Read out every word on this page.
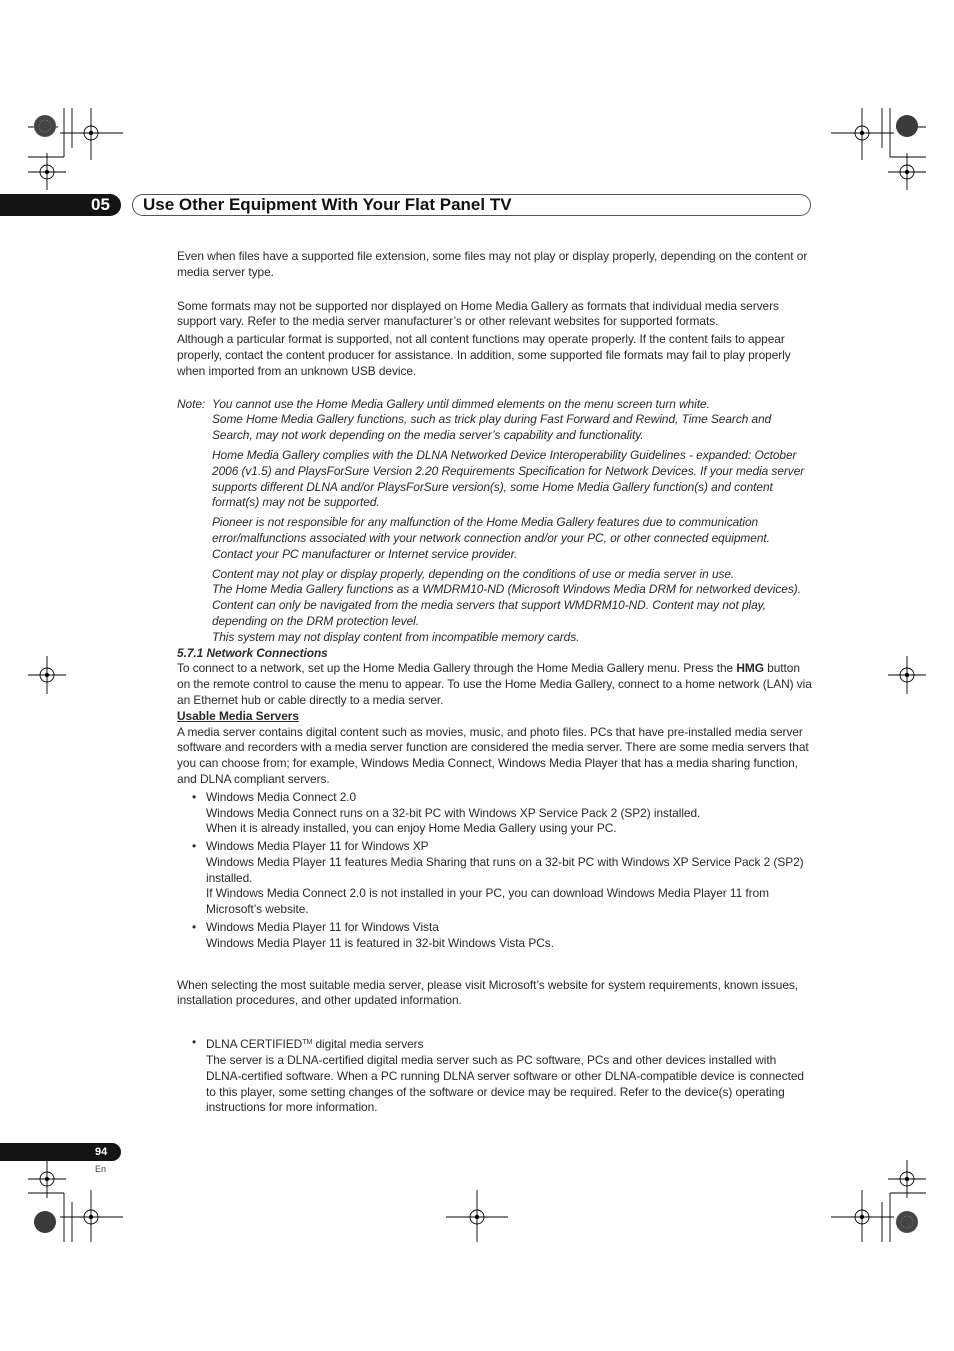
05 Use Other Equipment With Your Flat Panel TV

Even when files have a supported file extension, some files may not play or display properly, depending on the content or media server type.

Some formats may not be supported nor displayed on Home Media Gallery as formats that individual media servers support vary. Refer to the media server manufacturer’s or other relevant websites for supported formats.

Although a particular format is supported, not all content functions may operate properly. If the content fails to appear properly, contact the content producer for assistance. In addition, some supported file formats may fail to play properly when imported from an unknown USB device.

Note: You cannot use the Home Media Gallery until dimmed elements on the menu screen turn white.

Some Home Media Gallery functions, such as trick play during Fast Forward and Rewind, Time Search and Search, may not work depending on the media server’s capability and functionality.

Home Media Gallery complies with the DLNA Networked Device Interoperability Guidelines - expanded: October 2006 (v1.5) and PlaysForSure Version 2.20 Requirements Specification for Network Devices. If your media server supports different DLNA and/or PlaysForSure version(s), some Home Media Gallery function(s) and content format(s) may not be supported.

Pioneer is not responsible for any malfunction of the Home Media Gallery features due to communication error/malfunctions associated with your network connection and/or your PC, or other connected equipment. Contact your PC manufacturer or Internet service provider.

Content may not play or display properly, depending on the conditions of use or media server in use.

The Home Media Gallery functions as a WMDRM10-ND (Microsoft Windows Media DRM for networked devices). Content can only be navigated from the media servers that support WMDRM10-ND. Content may not play, depending on the DRM protection level.

This system may not display content from incompatible memory cards.

5.7.1 Network Connections

To connect to a network, set up the Home Media Gallery through the Home Media Gallery menu. Press the HMG button on the remote control to cause the menu to appear. To use the Home Media Gallery, connect to a home network (LAN) via an Ethernet hub or cable directly to a media server.

Usable Media Servers

A media server contains digital content such as movies, music, and photo files. PCs that have pre-installed media server software and recorders with a media server function are considered the media server. There are some media servers that you can choose from; for example, Windows Media Connect, Windows Media Player that has a media sharing function, and DLNA compliant servers.

• Windows Media Connect 2.0

Windows Media Connect runs on a 32-bit PC with Windows XP Service Pack 2 (SP2) installed.

When it is already installed, you can enjoy Home Media Gallery using your PC.

• Windows Media Player 11 for Windows XP

Windows Media Player 11 features Media Sharing that runs on a 32-bit PC with Windows XP Service Pack 2 (SP2) installed.

If Windows Media Connect 2.0 is not installed in your PC, you can download Windows Media Player 11 from Microsoft’s website.

• Windows Media Player 11 for Windows Vista

Windows Media Player 11 is featured in 32-bit Windows Vista PCs.

When selecting the most suitable media server, please visit Microsoft’s website for system requirements, known issues, installation procedures, and other updated information.

• DLNA CERTIFIED™ digital media servers

The server is a DLNA-certified digital media server such as PC software, PCs and other devices installed with DLNA-certified software. When a PC running DLNA server software or other DLNA-compatible device is connected to this player, some setting changes of the software or device may be required. Refer to the device(s) operating instructions for more information.

94
En
